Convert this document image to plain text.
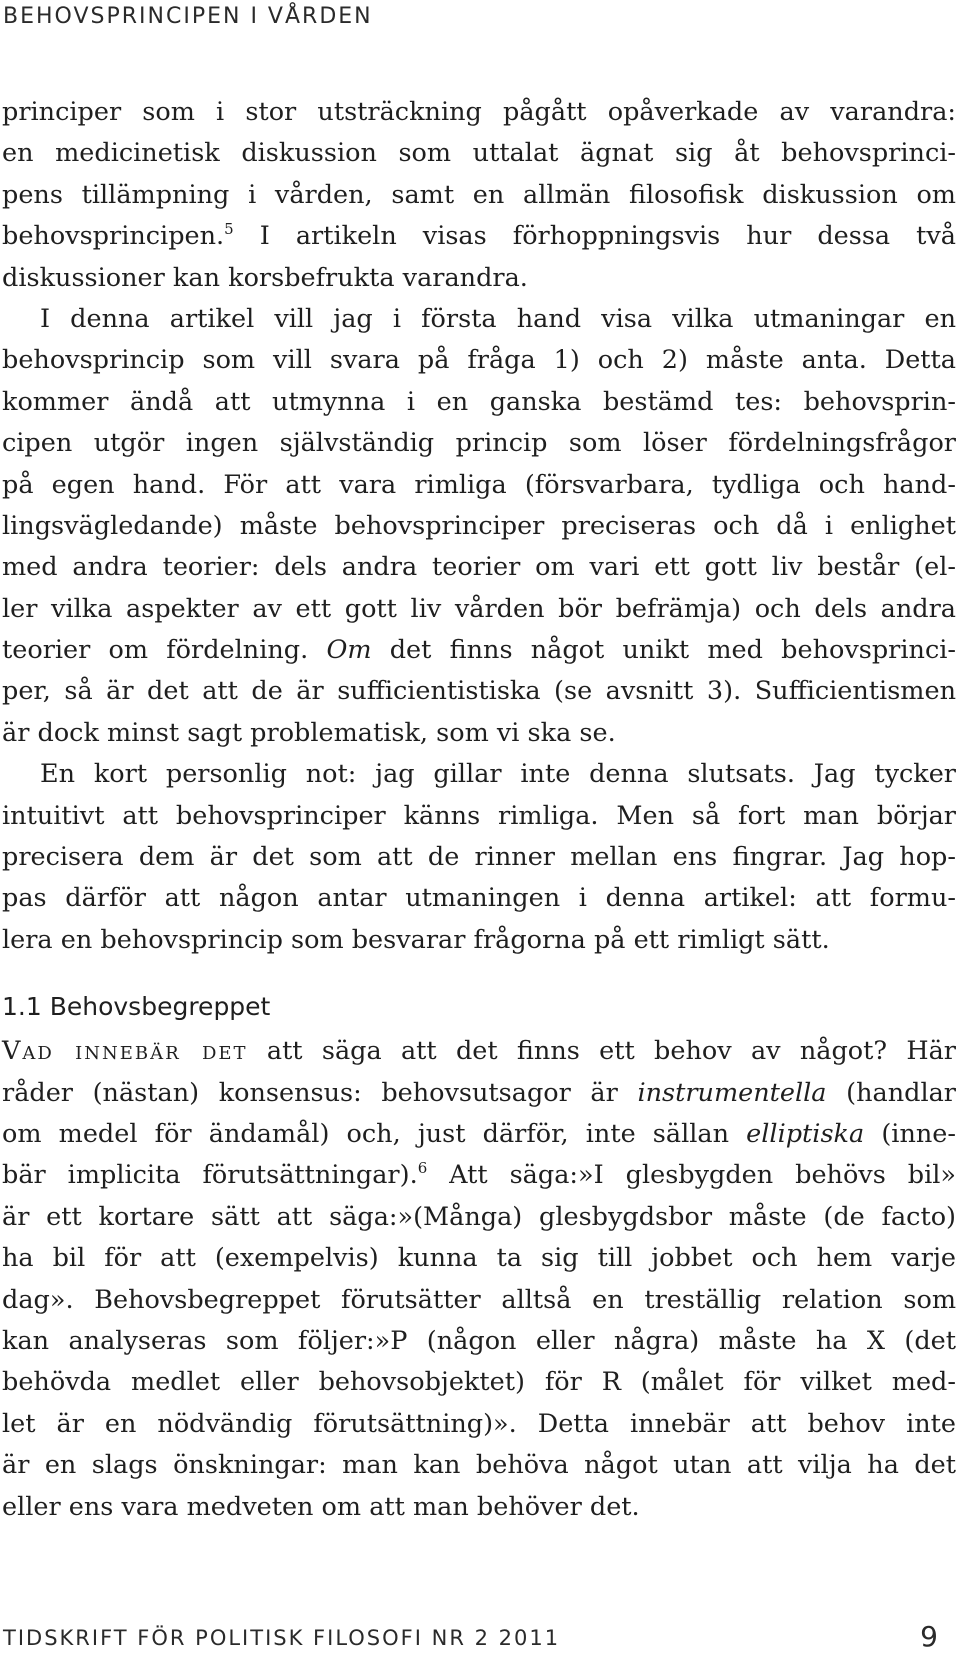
BEHOVSPRINCIPEN I VÅRDEN
principer som i stor utsträckning pågått opåverkade av varandra:
en medicinetisk diskussion som uttalat ägnat sig åt behovsprinci-
pens tillämpning i vården, samt en allmän filosofisk diskussion om
behovsprincipen.$^5$ I artikeln visas förhoppningsvis hur dessa två
diskussioner kan korsbefrukta varandra.
I denna artikel vill jag i första hand visa vilka utmaningar en
behovsprincip som vill svara på fråga 1) och 2) måste anta. Detta
kommer ändå att utmynna i en ganska bestämd tes: behovsprin-
cipen utgör ingen självständig princip som löser fördelningsfrågor
på egen hand. För att vara rimliga (försvarbara, tydliga och hand-
lingsvägledande) måste behovsprinciper preciseras och då i enlighet
med andra teorier: dels andra teorier om vari ett gott liv består (el-
ler vilka aspekter av ett gott liv vården bör befrämja) och dels andra
teorier om fördelning. Om det finns något unikt med behovsprinci-
per, så är det att de är sufficientistiska (se avsnitt 3). Sufficientismen
är dock minst sagt problematisk, som vi ska se.
En kort personlig not: jag gillar inte denna slutsats. Jag tycker
intuitivt att behovsprinciper känns rimliga. Men så fort man börjar
precisera dem är det som att de rinner mellan ens fingrar. Jag hop-
pas därför att någon antar utmaningen i denna artikel: att formu-
lera en behovsprincip som besvarar frågorna på ett rimligt sätt.
1.1 Behovsbegreppet
Vad innebär det att säga att det finns ett behov av något? Här
råder (nästan) konsensus: behovsutsagor är instrumentella (handlar
om medel för ändamål) och, just därför, inte sällan elliptiska (inne-
bär implicita förutsättningar).$^6$ Att säga:»I glesbygden behövs bil»
är ett kortare sätt att säga:»(Många) glesbygdsbor måste (de facto)
ha bil för att (exempelvis) kunna ta sig till jobbet och hem varje
dag». Behovsbegreppet förutsätter alltså en treställig relation som
kan analyseras som följer:»P (någon eller några) måste ha X (det
behövda medlet eller behovsobjektet) för R (målet för vilket med-
let är en nödvändig förutsättning)». Detta innebär att behov inte
är en slags önskningar: man kan behöva något utan att vilja ha det
eller ens vara medveten om att man behöver det.
TIDSKRIFT FÖR POLITISK FILOSOFI NR 2 2011	9
